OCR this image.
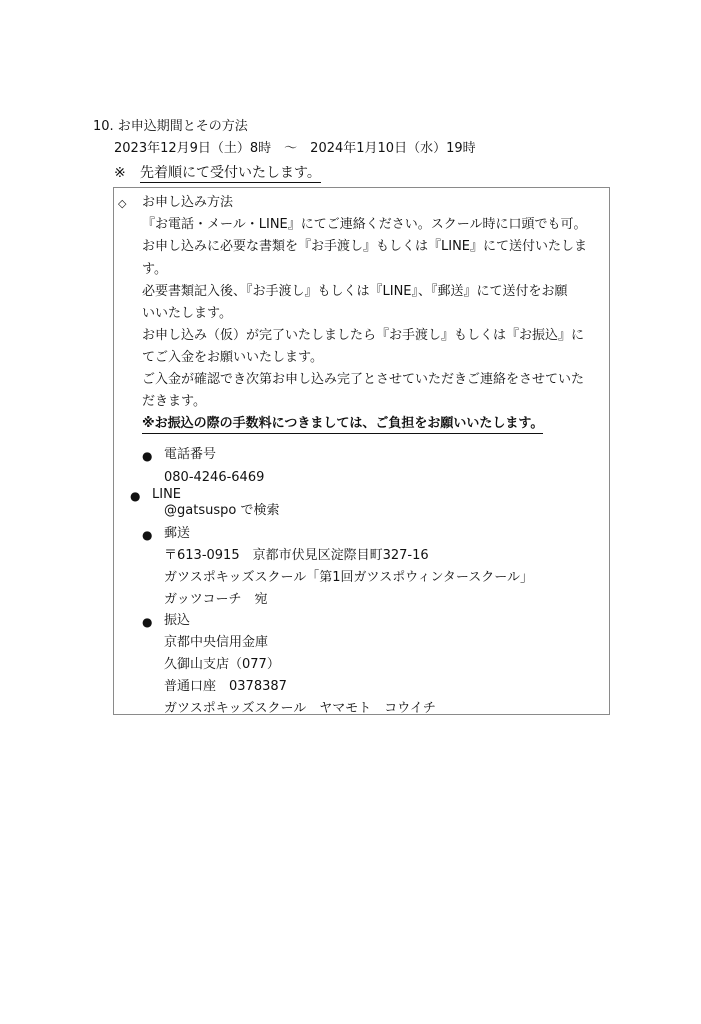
10. お申込期間とその方法
2023年12月9日（土）8時　～　2024年1月10日（水）19時
※ 先着順にて受付いたします。
◇ お申し込み方法
『お電話・メール・LINE』にてご連絡ください。スクール時に口頭でも可。
お申し込みに必要な書類を『お手渡し』もしくは『LINE』にて送付いたしま
す。
必要書類記入後、『お手渡し』もしくは『LINE』、『郵送』にて送付をお願
いいたします。
お申し込み（仮）が完了いたしましたら『お手渡し』もしくは『お振込』に
てご入金をお願いいたします。
ご入金が確認でき次第お申し込み完了とさせていただきご連絡をさせていた
だきます。
※お振込の際の手数料につきましては、ご負担をお願いいたします。
● 電話番号
080-4246-6469
● LINE
@gatsuspo で検索
● 郵送
〒613-0915　京都市伏見区淀際目町327-16
ガツスポキッズスクール「第1回ガツスポウィンタースクール」
ガッツコーチ　宛
● 振込
京都中央信用金庫
久御山支店（077）
普通口座　0378387
ガツスポキッズスクール　ヤマモト　コウイチ
